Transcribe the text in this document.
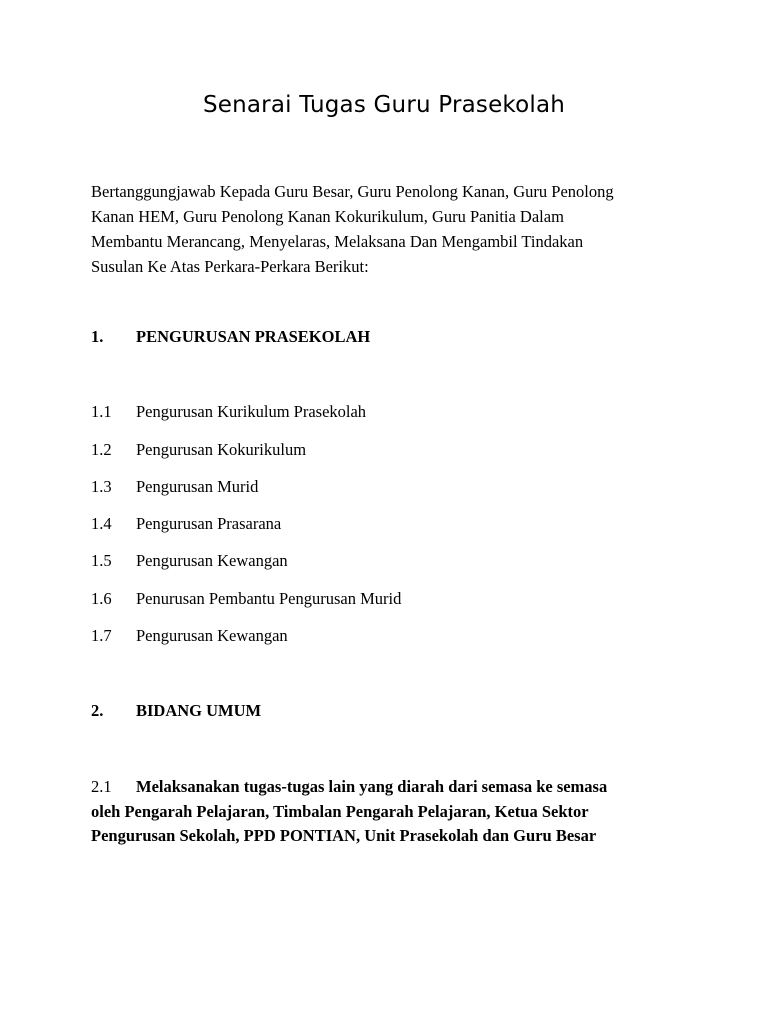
Senarai Tugas Guru Prasekolah
Bertanggungjawab Kepada Guru Besar, Guru Penolong Kanan, Guru Penolong
Kanan HEM, Guru Penolong Kanan Kokurikulum, Guru Panitia Dalam
Membantu Merancang, Menyelaras, Melaksana Dan Mengambil Tindakan
Susulan Ke Atas Perkara-Perkara Berikut:
1. PENGURUSAN PRASEKOLAH
1.1 Pengurusan Kurikulum Prasekolah
1.2 Pengurusan Kokurikulum
1.3 Pengurusan Murid
1.4 Pengurusan Prasarana
1.5 Pengurusan Kewangan
1.6 Penurusan Pembantu Pengurusan Murid
1.7 Pengurusan Kewangan
2. BIDANG UMUM
2.1 Melaksanakan tugas-tugas lain yang diarah dari semasa ke semasa
oleh Pengarah Pelajaran, Timbalan Pengarah Pelajaran, Ketua Sektor
Pengurusan Sekolah, PPD PONTIAN, Unit Prasekolah dan Guru Besar
